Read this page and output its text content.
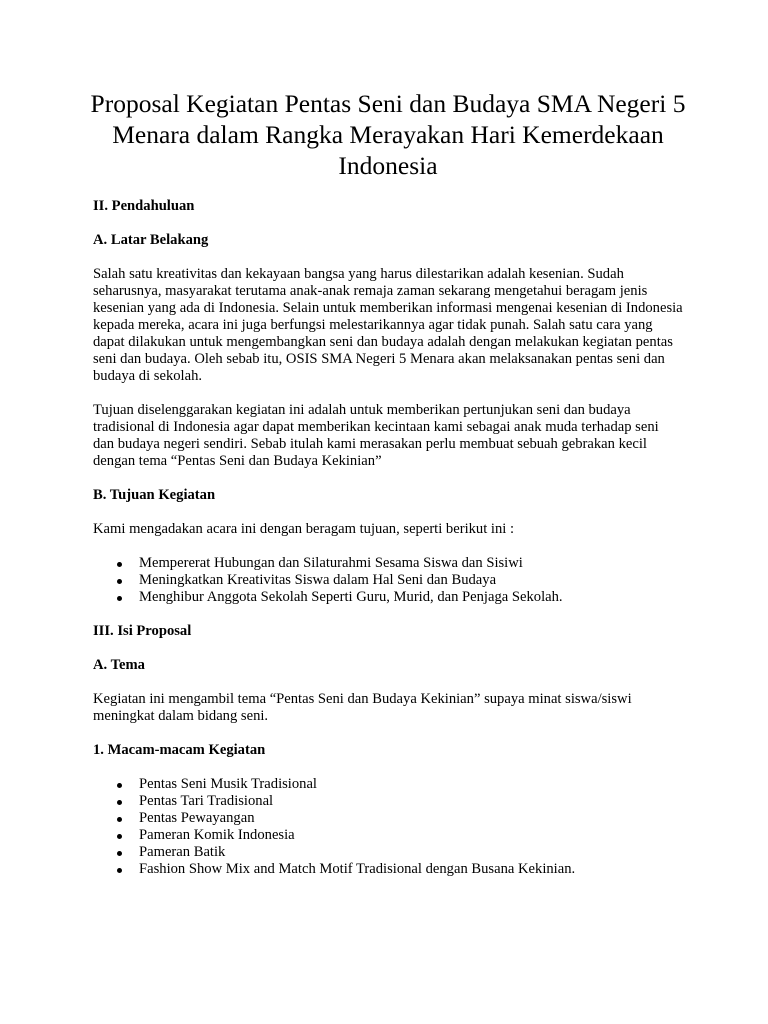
Proposal Kegiatan Pentas Seni dan Budaya SMA Negeri 5 Menara dalam Rangka Merayakan Hari Kemerdekaan Indonesia

II. Pendahuluan

A. Latar Belakang

Salah satu kreativitas dan kekayaan bangsa yang harus dilestarikan adalah kesenian. Sudah seharusnya, masyarakat terutama anak-anak remaja zaman sekarang mengetahui beragam jenis kesenian yang ada di Indonesia. Selain untuk memberikan informasi mengenai kesenian di Indonesia kepada mereka, acara ini juga berfungsi melestarikannya agar tidak punah. Salah satu cara yang dapat dilakukan untuk mengembangkan seni dan budaya adalah dengan melakukan kegiatan pentas seni dan budaya. Oleh sebab itu, OSIS SMA Negeri 5 Menara akan melaksanakan pentas seni dan budaya di sekolah.

Tujuan diselenggarakan kegiatan ini adalah untuk memberikan pertunjukan seni dan budaya tradisional di Indonesia agar dapat memberikan kecintaan kami sebagai anak muda terhadap seni dan budaya negeri sendiri. Sebab itulah kami merasakan perlu membuat sebuah gebrakan kecil dengan tema “Pentas Seni dan Budaya Kekinian”

B. Tujuan Kegiatan

Kami mengadakan acara ini dengan beragam tujuan, seperti berikut ini :

Mempererat Hubungan dan Silaturahmi Sesama Siswa dan Sisiwi
Meningkatkan Kreativitas Siswa dalam Hal Seni dan Budaya
Menghibur Anggota Sekolah Seperti Guru, Murid, dan Penjaga Sekolah.

III. Isi Proposal

A. Tema

Kegiatan ini mengambil tema “Pentas Seni dan Budaya Kekinian” supaya minat siswa/siswi meningkat dalam bidang seni.

1. Macam-macam Kegiatan

Pentas Seni Musik Tradisional
Pentas Tari Tradisional
Pentas Pewayangan
Pameran Komik Indonesia
Pameran Batik
Fashion Show Mix and Match Motif Tradisional dengan Busana Kekinian.
